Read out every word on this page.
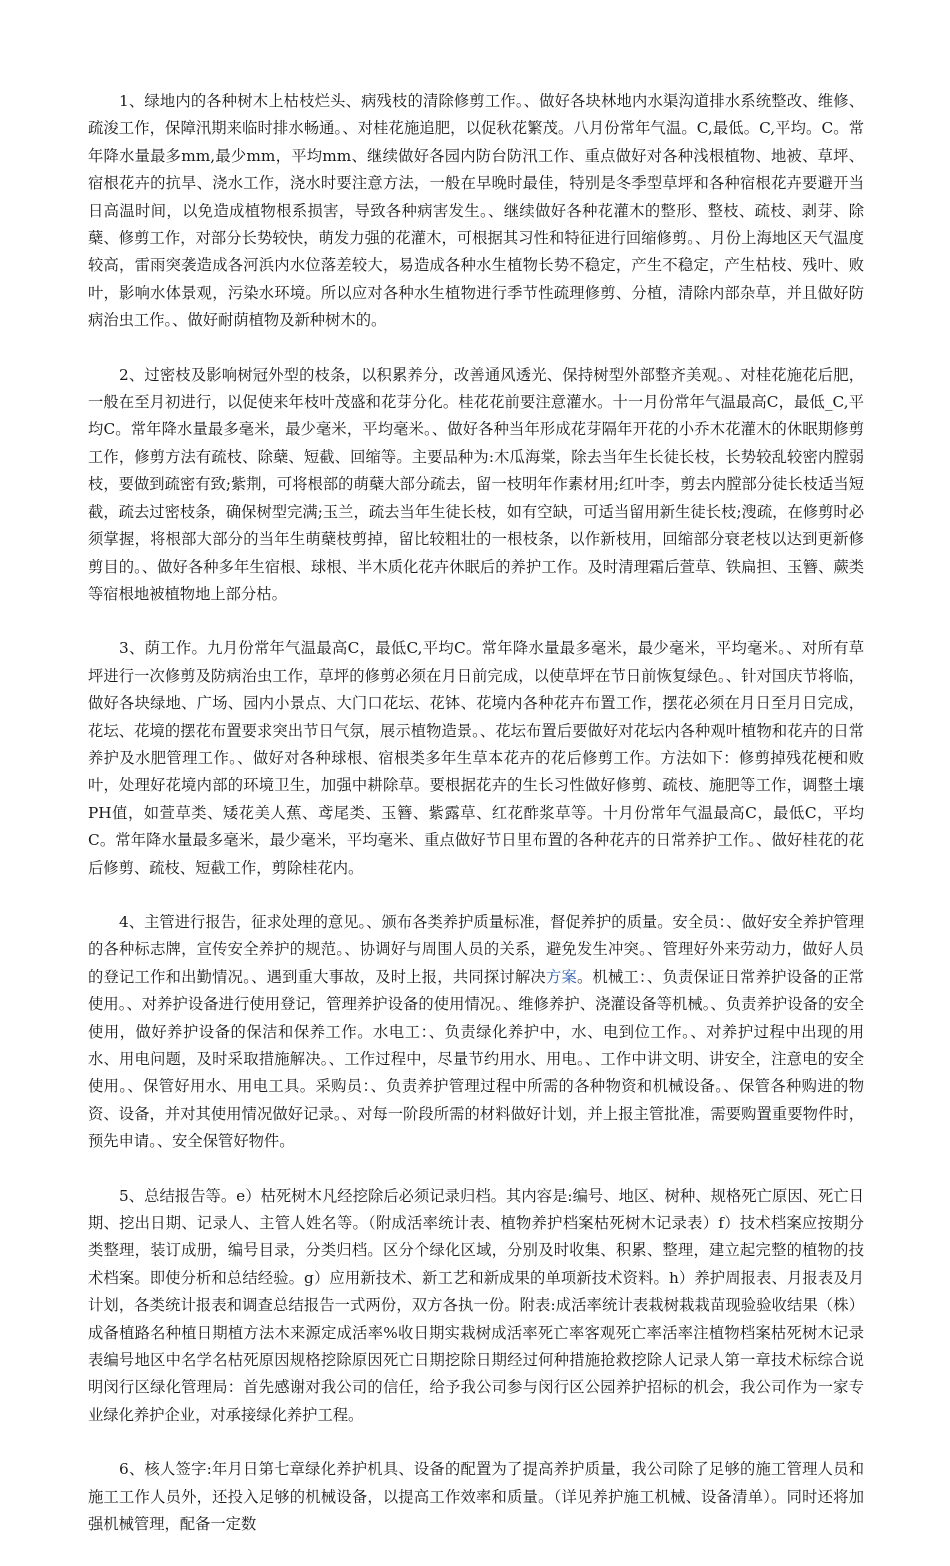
1、绿地内的各种树木上枯枝烂头、病残枝的清除修剪工作。、做好各块林地内水渠沟道排水系统整改、维修、疏浚工作，保障汛期来临时排水畅通。、对桂花施追肥，以促秋花繁茂。八月份常年气温。C,最低。C,平均。C。常年降水量最多mm,最少mm，平均mm、继续做好各园内防台防汛工作、重点做好对各种浅根植物、地被、草坪、宿根花卉的抗旱、浇水工作，浇水时要注意方法，一般在早晚时最佳，特别是冬季型草坪和各种宿根花卉要避开当日高温时间，以免造成植物根系损害，导致各种病害发生。、继续做好各种花灌木的整形、整枝、疏枝、剥芽、除蘖、修剪工作，对部分长势较快，萌发力强的花灌木，可根据其习性和特征进行回缩修剪。、月份上海地区天气温度较高，雷雨突袭造成各河浜内水位落差较大，易造成各种水生植物长势不稳定，产生不稳定，产生枯枝、残叶、败叶，影响水体景观，污染水环境。所以应对各种水生植物进行季节性疏理修剪、分植，清除内部杂草，并且做好防病治虫工作。、做好耐荫植物及新种树木的。

2、过密枝及影响树冠外型的枝条，以积累养分，改善通风透光、保持树型外部整齐美观。、对桂花施花后肥，一般在至月初进行，以促使来年枝叶茂盛和花芽分化。桂花花前要注意灌水。十一月份常年气温最高C，最低_C,平均C。常年降水量最多毫米，最少毫米，平均毫米。、做好各种当年形成花芽隔年开花的小乔木花灌木的休眠期修剪工作，修剪方法有疏枝、除蘖、短截、回缩等。主要品种为:木瓜海棠，除去当年生长徒长枝，长势较乱较密内膛弱枝，要做到疏密有致;紫荆，可将根部的萌蘖大部分疏去，留一枝明年作素材用;红叶李，剪去内膛部分徒长枝适当短截，疏去过密枝条，确保树型完满;玉兰，疏去当年生徒长枝，如有空缺，可适当留用新生徒长枝;溲疏，在修剪时必须掌握，将根部大部分的当年生萌蘖枝剪掉，留比较粗壮的一根枝条，以作新枝用，回缩部分衰老枝以达到更新修剪目的。、做好各种多年生宿根、球根、半木质化花卉休眠后的养护工作。及时清理霜后萱草、铁扁担、玉簪、蕨类等宿根地被植物地上部分枯。

3、荫工作。九月份常年气温最高C，最低C,平均C。常年降水量最多毫米，最少毫米，平均毫米。、对所有草坪进行一次修剪及防病治虫工作，草坪的修剪必须在月日前完成，以使草坪在节日前恢复绿色。、针对国庆节将临，做好各块绿地、广场、园内小景点、大门口花坛、花钵、花境内各种花卉布置工作，摆花必须在月日至月日完成，花坛、花境的摆花布置要求突出节日气氛，展示植物造景。、花坛布置后要做好对花坛内各种观叶植物和花卉的日常养护及水肥管理工作。、做好对各种球根、宿根类多年生草本花卉的花后修剪工作。方法如下：修剪掉残花梗和败叶，处理好花境内部的环境卫生，加强中耕除草。要根据花卉的生长习性做好修剪、疏枝、施肥等工作，调整土壤PH值，如萱草类、矮花美人蕉、鸢尾类、玉簪、紫露草、红花酢浆草等。十月份常年气温最高C，最低C，平均C。常年降水量最多毫米，最少毫米，平均毫米、重点做好节日里布置的各种花卉的日常养护工作。、做好桂花的花后修剪、疏枝、短截工作，剪除桂花内。

4、主管进行报告，征求处理的意见。、颁布各类养护质量标准，督促养护的质量。安全员：、做好安全养护管理的各种标志牌，宣传安全养护的规范。、协调好与周围人员的关系，避免发生冲突。、管理好外来劳动力，做好人员的登记工作和出勤情况。、遇到重大事故，及时上报，共同探讨解决方案。机械工：、负责保证日常养护设备的正常使用。、对养护设备进行使用登记，管理养护设备的使用情况。、维修养护、浇灌设备等机械。、负责养护设备的安全使用，做好养护设备的保洁和保养工作。水电工：、负责绿化养护中，水、电到位工作。、对养护过程中出现的用水、用电问题，及时采取措施解决。、工作过程中，尽量节约用水、用电。、工作中讲文明、讲安全，注意电的安全使用。、保管好用水、用电工具。采购员：、负责养护管理过程中所需的各种物资和机械设备。、保管各种购进的物资、设备，并对其使用情况做好记录。、对每一阶段所需的材料做好计划，并上报主管批准，需要购置重要物件时，预先申请。、安全保管好物件。

5、总结报告等。e）枯死树木凡经挖除后必须记录归档。其内容是:编号、地区、树种、规格死亡原因、死亡日期、挖出日期、记录人、主管人姓名等。（附成活率统计表、植物养护档案枯死树木记录表）f）技术档案应按期分类整理，装订成册，编号目录，分类归档。区分个绿化区域，分别及时收集、积累、整理，建立起完整的植物的技术档案。即使分析和总结经验。g）应用新技术、新工艺和新成果的单项新技术资料。h）养护周报表、月报表及月计划，各类统计报表和调查总结报告一式两份，双方各执一份。附表:成活率统计表栽树栽栽苗现验验收结果（株）成备植路名种植日期植方法木来源定成活率%收日期实栽树成活率死亡率客观死亡率活率注植物档案枯死树木记录表编号地区中名学名枯死原因规格挖除原因死亡日期挖除日期经过何种措施抢救挖除人记录人第一章技术标综合说明闵行区绿化管理局：首先感谢对我公司的信任，给予我公司参与闵行区公园养护招标的机会，我公司作为一家专业绿化养护企业，对承接绿化养护工程。

6、核人签字:年月日第七章绿化养护机具、设备的配置为了提高养护质量，我公司除了足够的施工管理人员和施工工作人员外，还投入足够的机械设备，以提高工作效率和质量。（详见养护施工机械、设备清单）。同时还将加强机械管理，配备一定数
